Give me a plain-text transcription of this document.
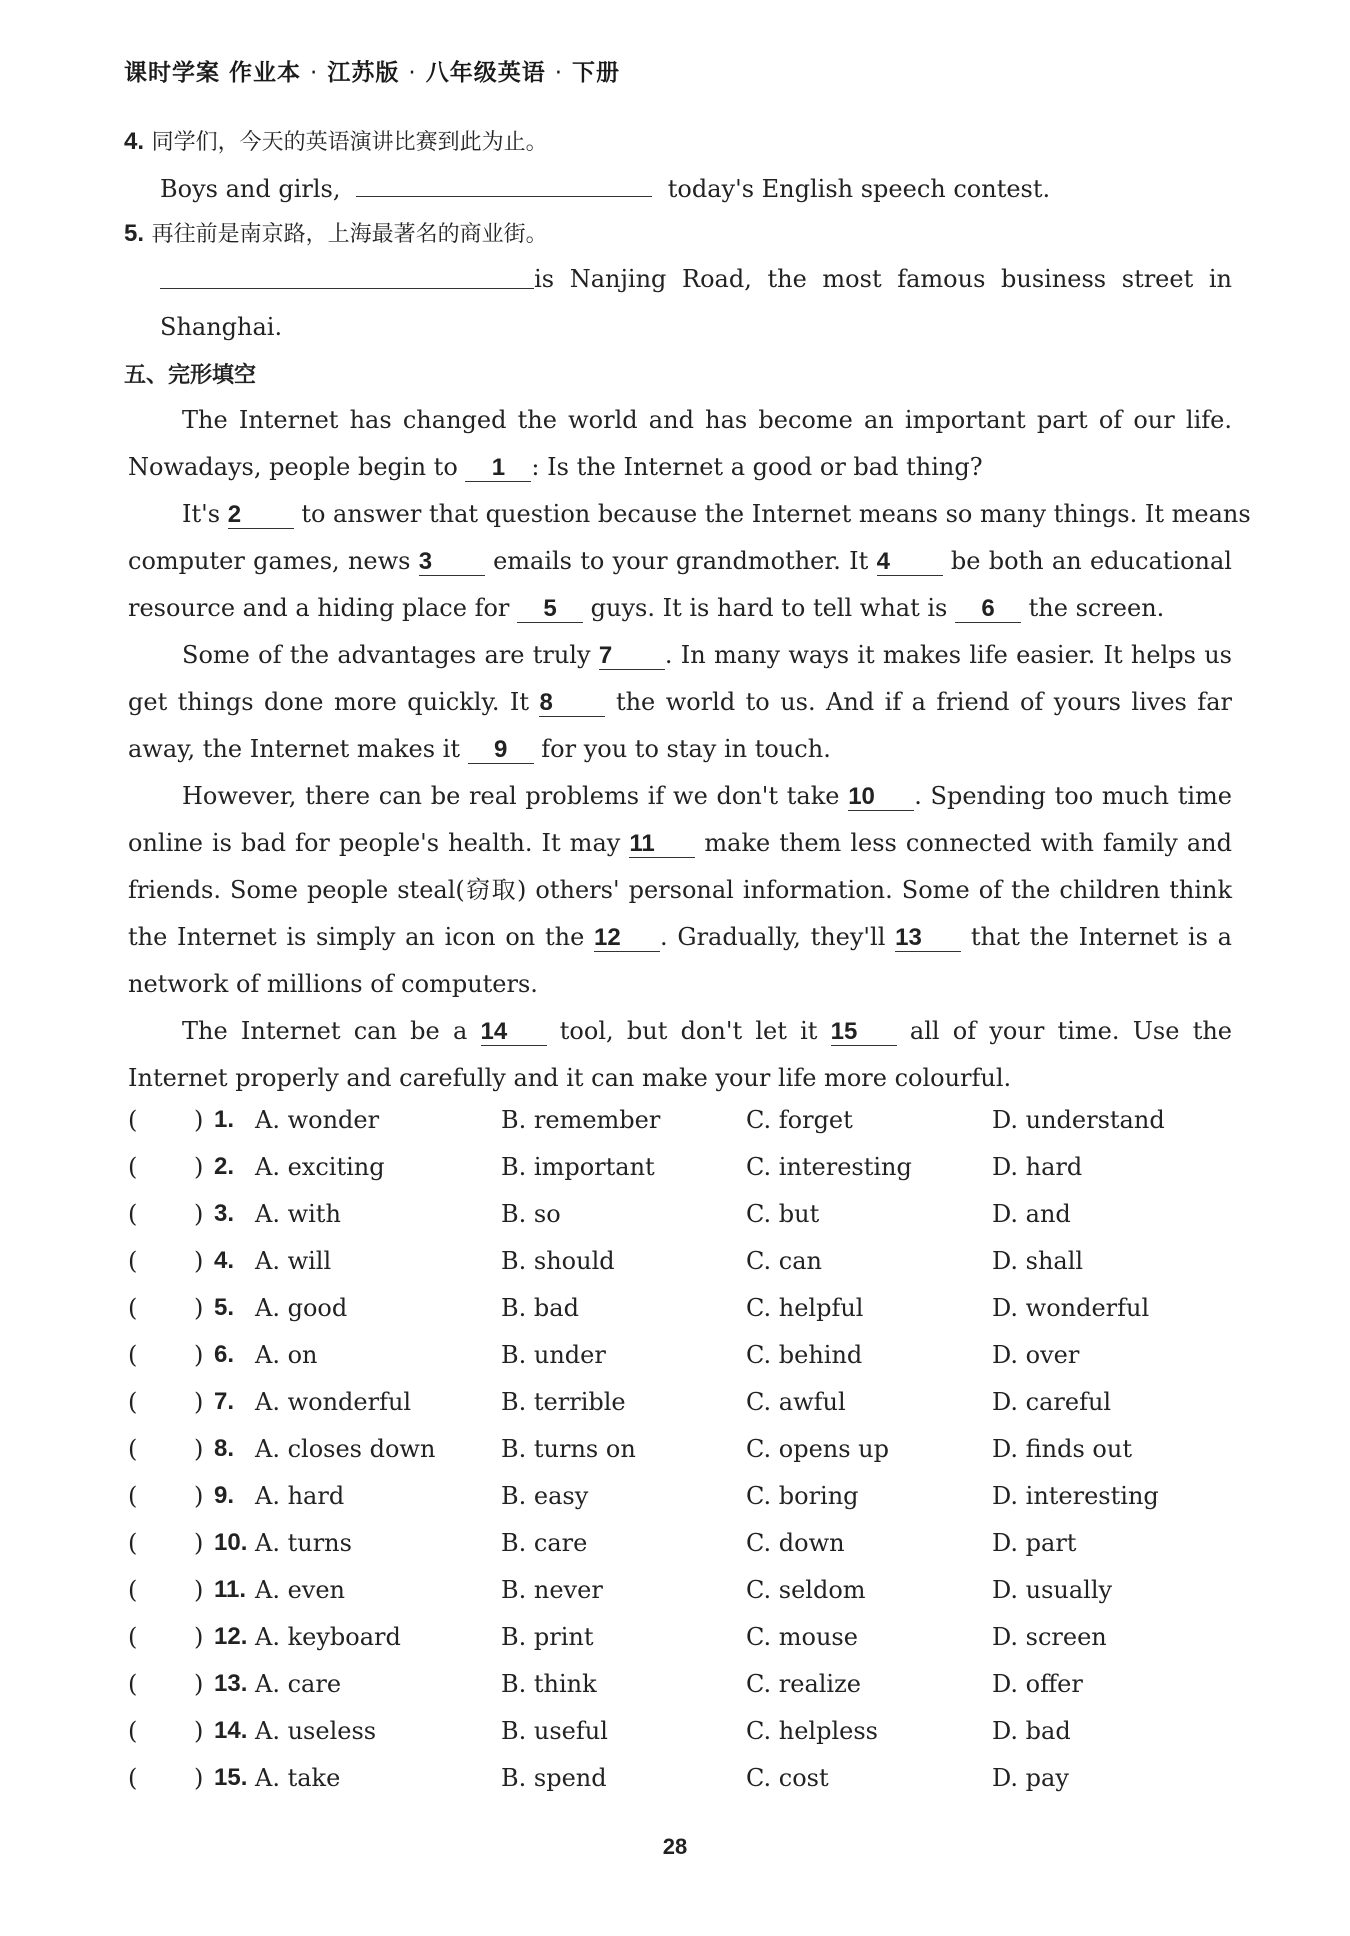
课时学案 作业本 · 江苏版 · 八年级英语 · 下册
4. 同学们，今天的英语演讲比赛到此为止。
Boys and girls,	today's English speech contest.
5. 再往前是南京路，上海最著名的商业街。
is Nanjing Road, the most famous business street in
Shanghai.
五、完形填空
The Internet has changed the world and has become an important part of our life.
Nowadays, people begin to 1 : Is the Internet a good or bad thing?
It's 2	to answer that question because the Internet means so many things. It means
computer games, news 3	emails to your grandmother. It 4	be both an educational
resource and a hiding place for 5 guys. It is hard to tell what is 6 the screen.
Some of the advantages are truly 7 . In many ways it makes life easier. It helps us
get things done more quickly. It 8	the world to us. And if a friend of yours lives far
away, the Internet makes it 9 for you to stay in touch.
However, there can be real problems if we don't take 10 . Spending too much time
online is bad for people's health. It may 11 make them less connected with family and
friends. Some people steal(窃取) others' personal information. Some of the children think
the Internet is simply an icon on the 12 . Gradually, they'll 13 that the Internet is a
network of millions of computers.
The Internet can be a 14 tool, but don't let it 15 all of your time. Use the
Internet properly and carefully and it can make your life more colourful.
( ) 1. A. wonder	B. remember	C. forget	D. understand
( ) 2. A. exciting	B. important	C. interesting	D. hard
( ) 3. A. with	B. so	C. but	D. and
( ) 4. A. will	B. should	C. can	D. shall
( ) 5. A. good	B. bad	C. helpful	D. wonderful
( ) 6. A. on	B. under	C. behind	D. over
( ) 7. A. wonderful	B. terrible	C. awful	D. careful
( ) 8. A. closes down	B. turns on	C. opens up	D. finds out
( ) 9. A. hard	B. easy	C. boring	D. interesting
( ) 10. A. turns	B. care	C. down	D. part
( ) 11. A. even	B. never	C. seldom	D. usually
( ) 12. A. keyboard	B. print	C. mouse	D. screen
( ) 13. A. care	B. think	C. realize	D. offer
( ) 14. A. useless	B. useful	C. helpless	D. bad
( ) 15. A. take	B. spend	C. cost	D. pay
28
